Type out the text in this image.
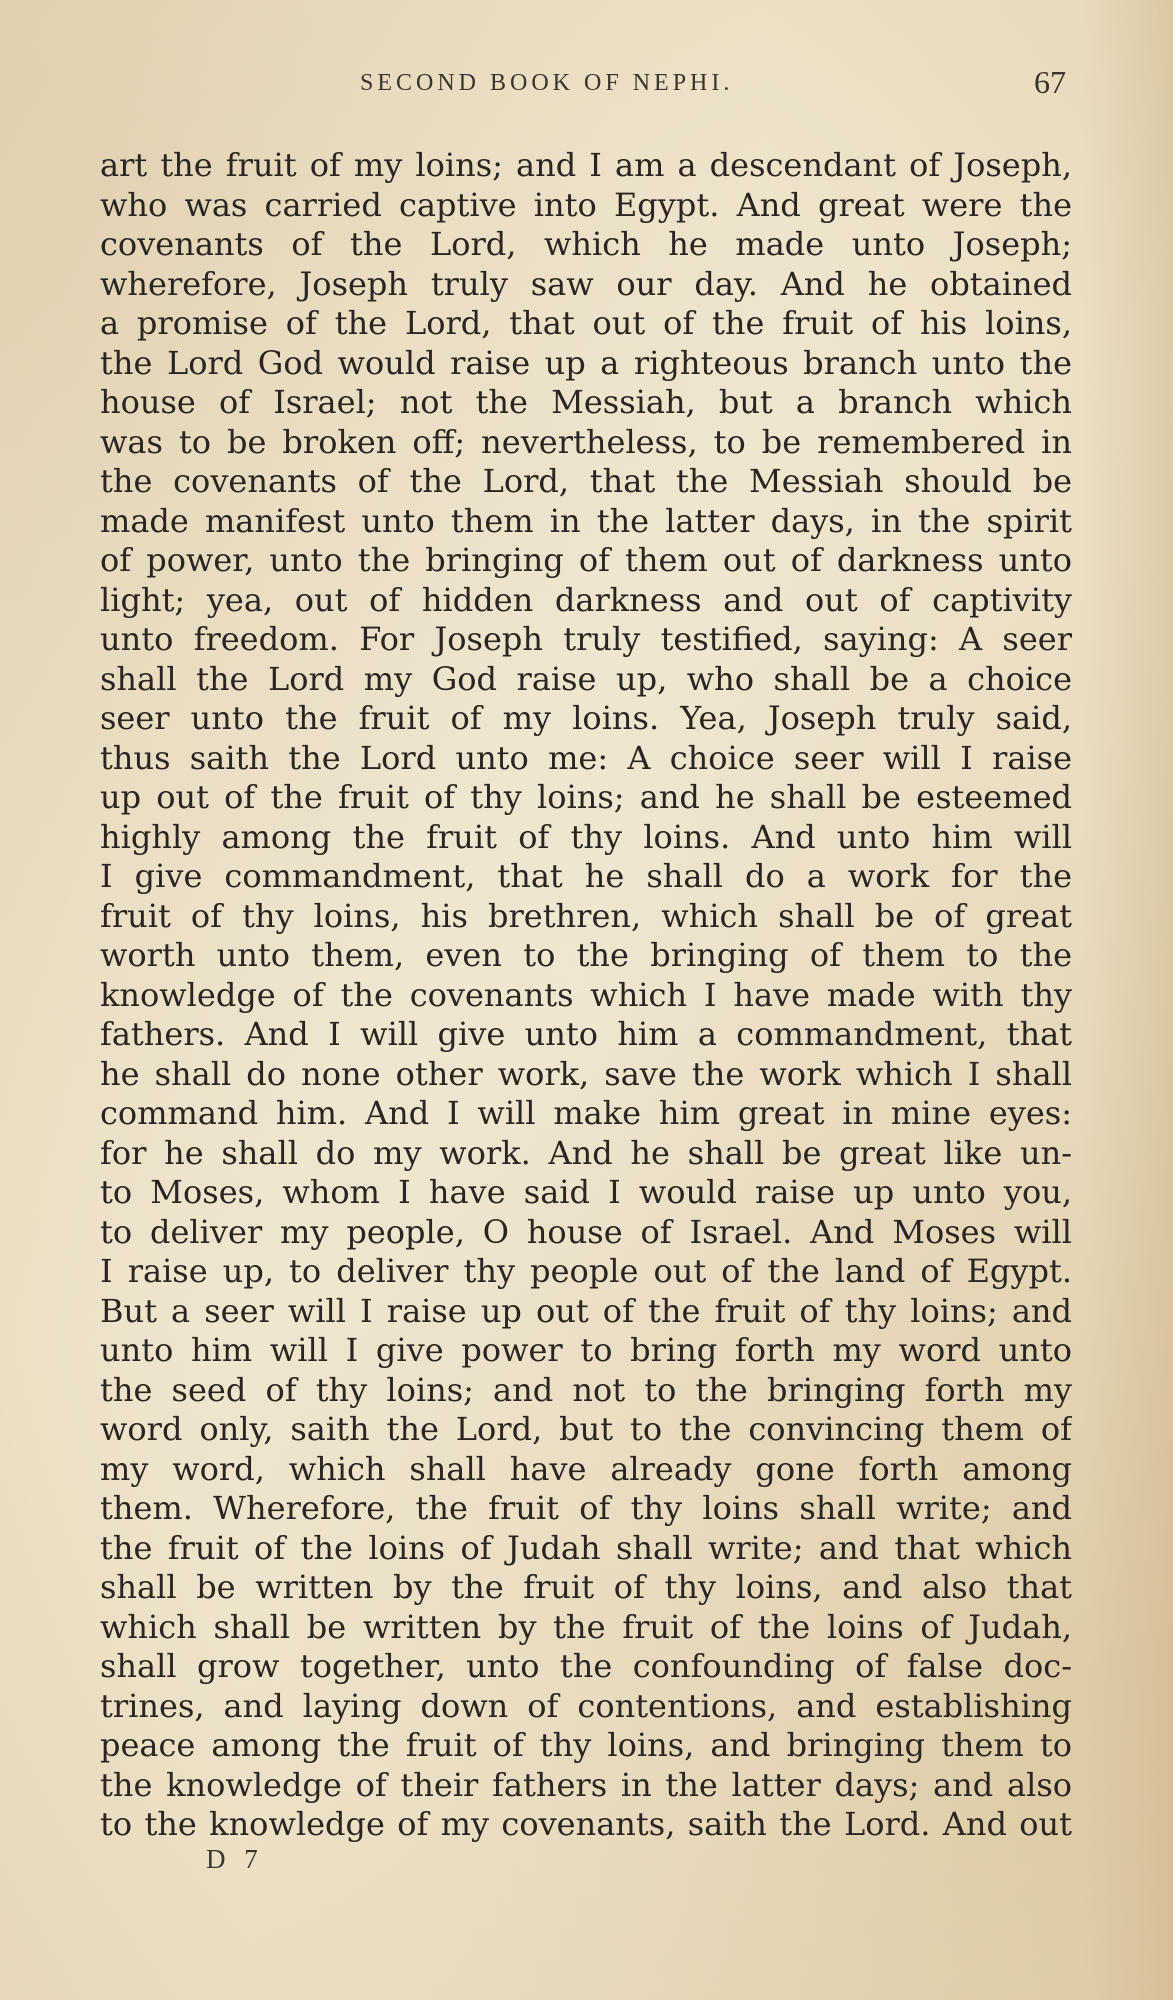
SECOND BOOK OF NEPHI.	67
art the fruit of my loins; and I am a descendant of Joseph,
who was carried captive into Egypt. And great were the
covenants of the Lord, which he made unto Joseph;
wherefore, Joseph truly saw our day. And he obtained
a promise of the Lord, that out of the fruit of his loins,
the Lord God would raise up a righteous branch unto the
house of Israel; not the Messiah, but a branch which
was to be broken off; nevertheless, to be remembered in
the covenants of the Lord, that the Messiah should be
made manifest unto them in the latter days, in the spirit
of power, unto the bringing of them out of darkness unto
light; yea, out of hidden darkness and out of captivity
unto freedom. For Joseph truly testified, saying: A seer
shall the Lord my God raise up, who shall be a choice
seer unto the fruit of my loins. Yea, Joseph truly said,
thus saith the Lord unto me: A choice seer will I raise
up out of the fruit of thy loins; and he shall be esteemed
highly among the fruit of thy loins. And unto him will
I give commandment, that he shall do a work for the
fruit of thy loins, his brethren, which shall be of great
worth unto them, even to the bringing of them to the
knowledge of the covenants which I have made with thy
fathers. And I will give unto him a commandment, that
he shall do none other work, save the work which I shall
command him. And I will make him great in mine eyes:
for he shall do my work. And he shall be great like un-
to Moses, whom I have said I would raise up unto you,
to deliver my people, O house of Israel. And Moses will
I raise up, to deliver thy people out of the land of Egypt.
But a seer will I raise up out of the fruit of thy loins; and
unto him will I give power to bring forth my word unto
the seed of thy loins; and not to the bringing forth my
word only, saith the Lord, but to the convincing them of
my word, which shall have already gone forth among
them. Wherefore, the fruit of thy loins shall write; and
the fruit of the loins of Judah shall write; and that which
shall be written by the fruit of thy loins, and also that
which shall be written by the fruit of the loins of Judah,
shall grow together, unto the confounding of false doc-
trines, and laying down of contentions, and establishing
peace among the fruit of thy loins, and bringing them to
the knowledge of their fathers in the latter days; and also
to the knowledge of my covenants, saith the Lord. And out
D 7
